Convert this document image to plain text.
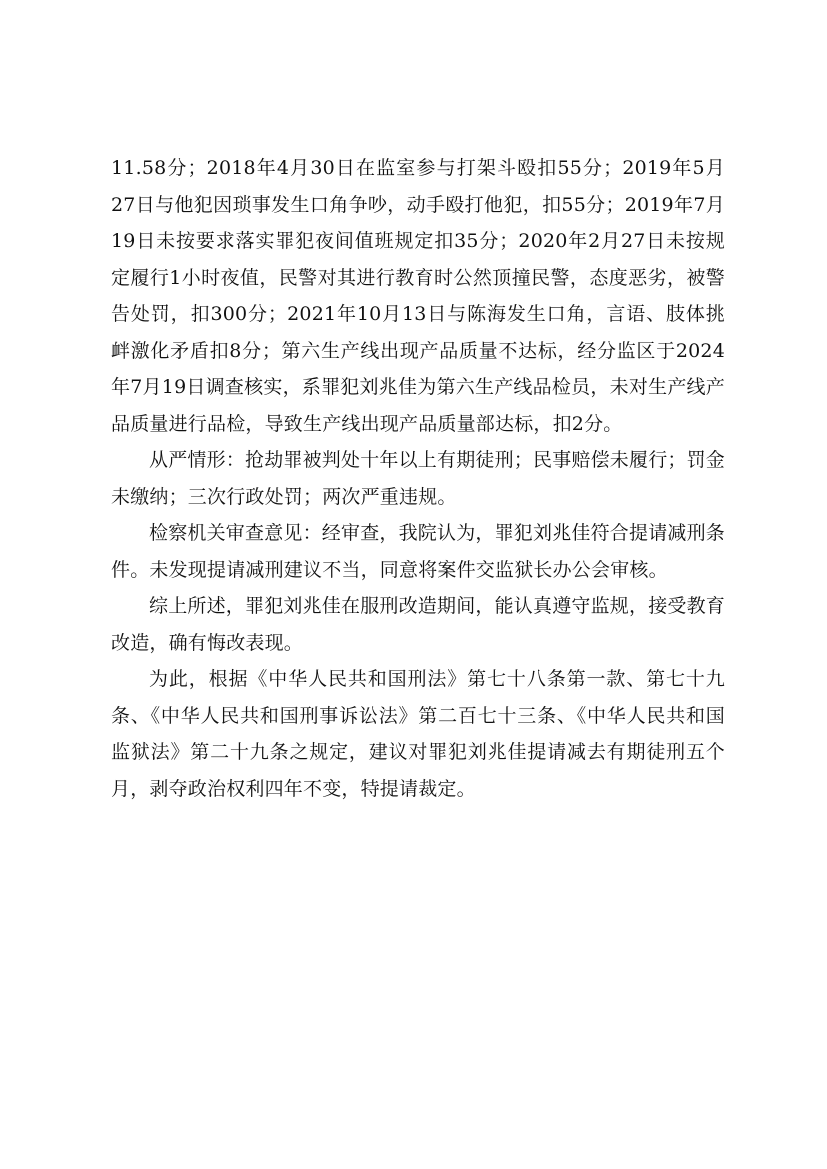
11.58分；2018年4月30日在监室参与打架斗殴扣55分；2019年5月27日与他犯因琐事发生口角争吵，动手殴打他犯，扣55分；2019年7月19日未按要求落实罪犯夜间值班规定扣35分；2020年2月27日未按规定履行1小时夜值，民警对其进行教育时公然顶撞民警，态度恶劣，被警告处罚，扣300分；2021年10月13日与陈海发生口角，言语、肢体挑衅激化矛盾扣8分；第六生产线出现产品质量不达标，经分监区于2024年7月19日调查核实，系罪犯刘兆佳为第六生产线品检员，未对生产线产品质量进行品检，导致生产线出现产品质量部达标，扣2分。

从严情形：抢劫罪被判处十年以上有期徒刑；民事赔偿未履行；罚金未缴纳；三次行政处罚；两次严重违规。

检察机关审查意见：经审查，我院认为，罪犯刘兆佳符合提请减刑条件。未发现提请减刑建议不当，同意将案件交监狱长办公会审核。

综上所述，罪犯刘兆佳在服刑改造期间，能认真遵守监规，接受教育改造，确有悔改表现。

为此，根据《中华人民共和国刑法》第七十八条第一款、第七十九条、《中华人民共和国刑事诉讼法》第二百七十三条、《中华人民共和国监狱法》第二十九条之规定，建议对罪犯刘兆佳提请减去有期徒刑五个月，剥夺政治权利四年不变，特提请裁定。
